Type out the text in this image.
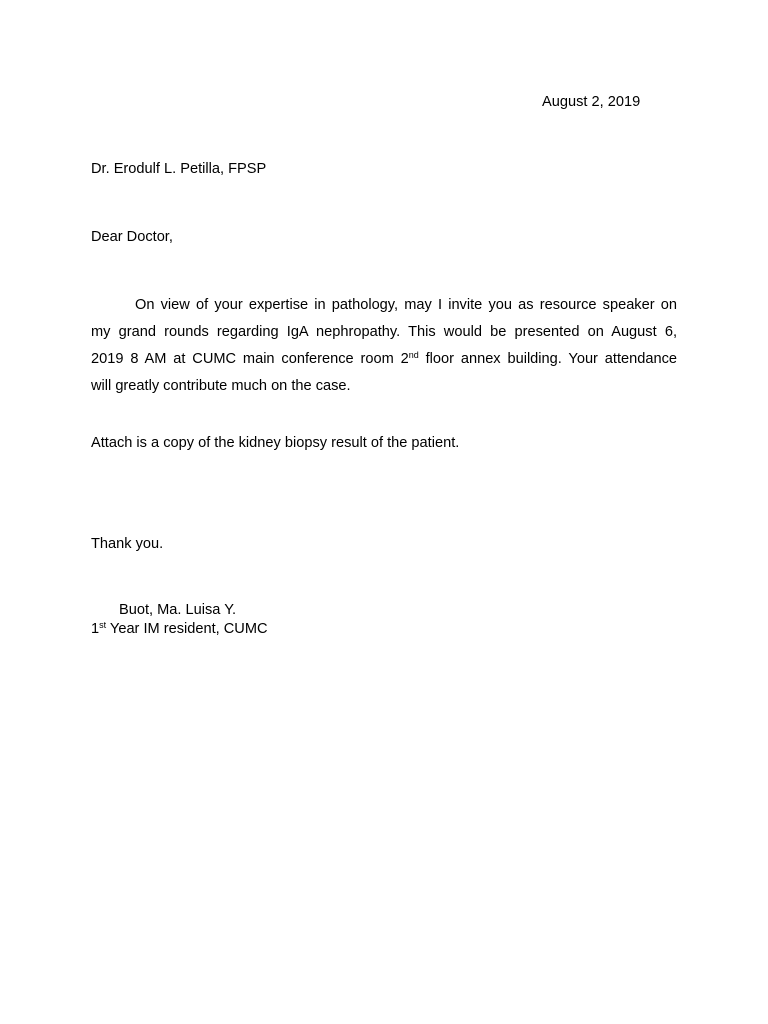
August 2, 2019
Dr. Erodulf L. Petilla, FPSP
Dear Doctor,
On view of your expertise in pathology, may I invite you as resource speaker on
my grand rounds regarding IgA nephropathy. This would be presented on August 6,
2019 8 AM at CUMC main conference room 2nd floor annex building. Your attendance
will greatly contribute much on the case.
Attach is a copy of the kidney biopsy result of the patient.
Thank you.
Buot, Ma. Luisa Y.
1st Year IM resident, CUMC
